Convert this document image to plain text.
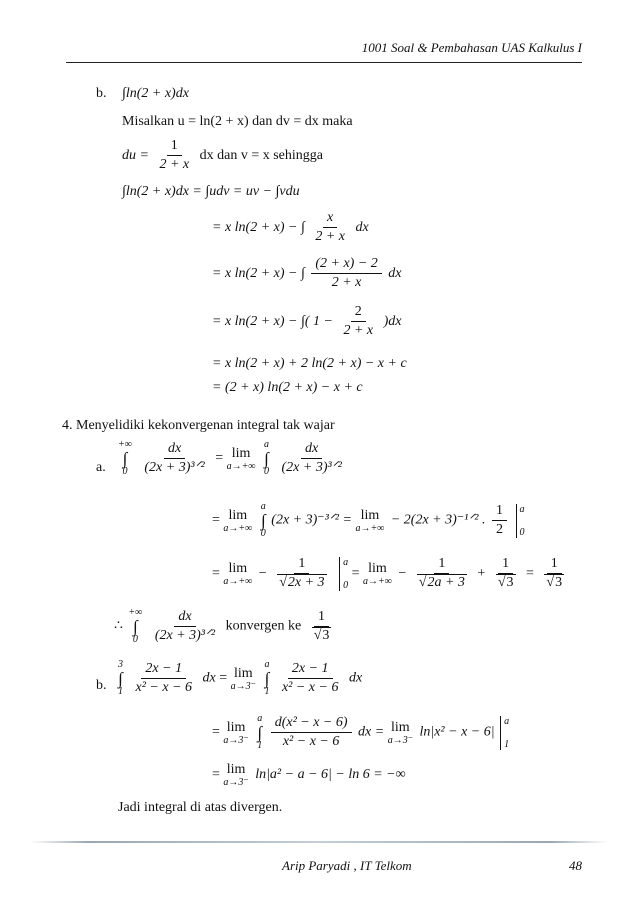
1001 Soal & Pembahasan UAS Kalkulus I
b. ∫ln(2 + x)dx
Misalkan u = ln(2 + x) dan dv = dx maka
du = $\frac{1}{2 + x}$ dx dan v = x sehingga
∫ln(2 + x)dx = ∫udv = uv − ∫vdu
= x ln(2 + x) − ∫ $\frac{x}{2 + x}$ dx
= x ln(2 + x) − ∫ $\frac{(2 + x) - 2}{2 + x}$ dx
= x ln(2 + x) − ∫( $1 - \frac{2}{2 + x} )dx$
= x ln(2 + x) + 2 ln(2 + x) − x + c
= (2 + x) ln(2 + x) − x + c
4. Menyelidiki kekonvergenan integral tak wajar
a.
+∞
∫
0
$\frac{dx}{\text{(2x + 3)³ᐟ²}} = \lim$
a→+∞

a
∫
0
$\frac{dx}{\text{(2x + 3)³ᐟ²}}$
= lim
a→+∞

a
∫
0
(2x + 3)⁻³ᐟ² = lim
a→+∞
− 2(2x + 3)⁻¹ᐟ² . $\frac{1}{2}$
a
0
= lim
a→+∞
− 1
√ 2x + 3
a
0
= lim
a→+∞
− 1
√ 2a + 3 + 1
√ 3 = 1
√ 3
∴
+∞
∫
0
$\frac{dx}{\text{(2x + 3)³ᐟ²}}$ konvergen ke 1
√ 3
b.
3
∫
1
$\frac{2x - 1}{\text{x² − x − 6}}$ dx = lim
a→3⁻

a
∫
1
$\frac{2x - 1}{\text{x² − x − 6}}$ dx
= lim
a→3⁻

a
∫
1
$\frac{\text{d(x² − x − 6)}}{\text{x² − x − 6}}$ dx = lim
a→3⁻
ln|x² − x − 6|
a
1
= lim
a→3⁻
ln|a² − a − 6| − ln 6 = −∞
Jadi integral di atas divergen.
Arip Paryadi , IT Telkom	48
